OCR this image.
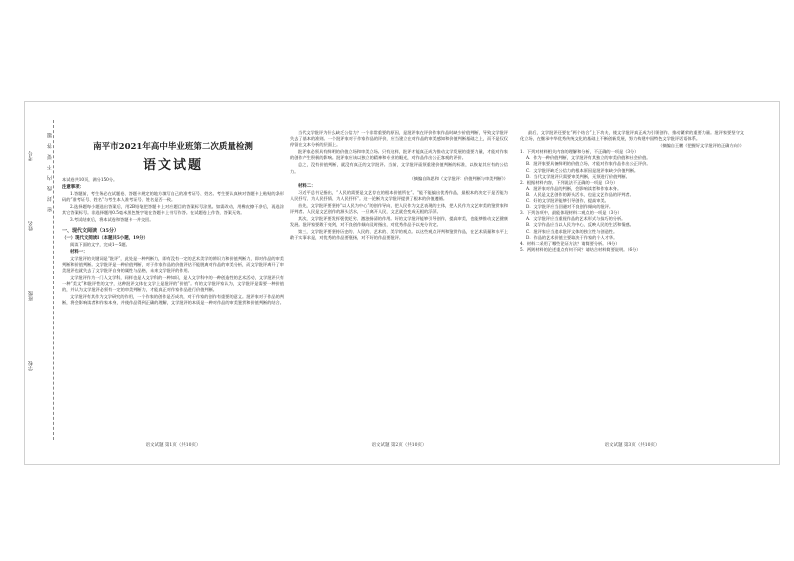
学校
班级
姓名
考号	密 封 线 内 不 要 答 题	南平市2021年高中毕业班第二次质量检测
语文试题

本试卷共10页，满分150分。

注意事项：

1.答题前，考生务必在试题卷、答题卡规定的地方填写自己的准考证号、姓名。考生要认真核对答题卡上粘贴的条形码的“准考证号、姓名”与考生本人准考证号、姓名是否一致。

2.选择题每小题选出答案后，用2B铅笔把答题卡上对应题目的答案标号涂黑。如需改动，用橡皮擦干净后，再选涂其它答案标号。非选择题用0.5毫米黑色签字笔在答题卡上书写作答。在试题卷上作答，答案无效。

3.考试结束后，将本试卷和答题卡一并交回。

一、现代文阅读（35分）

（一）现代文阅读Ⅰ（本题共5小题，19分）

阅读下面的文字，完成1～5题。

材料一：

文学批评的关键词是“批评”，此处是一种判断力，即有没有一定的艺术美学的辨识力和价值判断力，即对作品的审美判断和价值判断。文学批评是一种价值判断，对于作家作品的价值评估不能脱离对作品的审美分析，而文学批评离开了审美批评也就失去了文学批评自身的属性与品格，未来文学批评的作用。

文学批评作为一门人文学科，同样也是人文学科的一种知识，是人文学科中的一种创造性的艺术活动，文学批评只有一种“美文”和批评性的文字，这种批评文体在文学上是批评的“价值”。有的文学批评家认为，文学批评是需要一种价值的，并认为文学批评必须有一定的审美判断力，才能真正对作家作品进行价值判断。

文学批评有其作为文学研究的作用，一个作家的创作是否成功，对于作家的创作有重要的意义。批评家对于作品的判断，将会影响读者和作家本身，并使作品得到正确的理解，文学批评的本质是一种对作品的审美鉴赏和价值判断的结合。

语文试题 第1页（共10页）

当代文学批评为什么缺乏公信力？一个非常重要的原因，是批评家在评价作家作品时缺少价值判断，导致文学批评失去了基本的准则。一个批评家对于作家作品的评价，应当建立在对作品的审美感知和价值判断基础之上，而不是仅仅停留在文本分析的层面上。

批评家必须具有鲜明的价值立场和审美立场。只有这样，批评才能真正成为推动文学发展的重要力量，才能对作家的创作产生积极的影响。批评家应该以独立的精神和专业的眼光，对作品作出公正客观的评价。

总之，没有价值判断，就没有真正的文学批评。当前，文学批评亟须重建价值判断的标准，以恢复其应有的公信力。

（摘编自陈思和《文学批评：价值判断与审美判断》）

材料二：

习近平总书记指出，“人民的需要是文艺存在的根本价值所在”。“能不能搞出优秀作品，最根本的决定于是否能为人民抒写、为人民抒情、为人民抒怀”。这一论断为文学批评提供了根本的价值遵循。

首先，文学批评要坚持“以人民为中心”的创作导向，把人民作为文艺表现的主体，把人民作为文艺审美的鉴赏家和评判者。人民是文艺创作的源头活水，一旦离开人民，文艺就会变成无根的浮萍。

其次，文学批评要发挥褒优贬劣、激浊扬清的作用。好的文学批评能够引导创作，提高审美，也能够推动文艺健康发展。批评家要敢于亮剑，对不良创作倾向及时指出，对优秀作品予以充分肯定。

第三，文学批评要坚持历史的、人民的、艺术的、美学的观点。以这些观点评判和鉴赏作品，在艺术质量和水平上敢于实事求是，对优秀的作品要褒扬，对不好的作品要批评。

语文试题 第2页（共10页）

最后，文学批评还要在“两个结合”上下功夫，使文学批评真正成为引领创作、推动繁荣的重要力量。批评家要坚守文化立场，在继承中华优秀传统文化的基础上不断创新发展，努力构建中国特色文学批评话语体系。

（摘编自王鹏《把握好文学批评的正确方向》）

1．下列对材料相关内容的理解和分析，不正确的一项是（3分）

A．作为一种价值判断，文学批评有其独立的审美价值和社会价值。

B．批评家要具备鲜明的价值立场，才能对作家作品作出公正评价。

C．文学批评缺乏公信力的根本原因是批评家缺少价值判断。

D．当代文学批评只需要审美判断，无须进行价值判断。

2．根据材料内容，下列说法不正确的一项是（3分）

A．批评家对作品的判断，会影响读者和作家本身。

B．人民是文艺创作的源头活水，也是文艺作品的评判者。

C．好的文学批评能够引导创作，提高审美。

D．文学批评应当回避对不良创作倾向的批评。

3．下列各项中，最能体现材料二观点的一项是（3分）

A．文学批评应当重视作品的艺术形式与技巧的分析。

B．文学作品应当以人民为中心，反映人民的生活和情感。

C．批评家应当追求批评文体的独立性与创造性。

D．作品的艺术价值主要取决于作家的个人才华。

4．材料二采用了哪些论证方法？请简要分析。（4分）

5．两则材料的论述重点有何不同？请结合材料简要说明。（6分）

语文试题 第3页（共10页）
